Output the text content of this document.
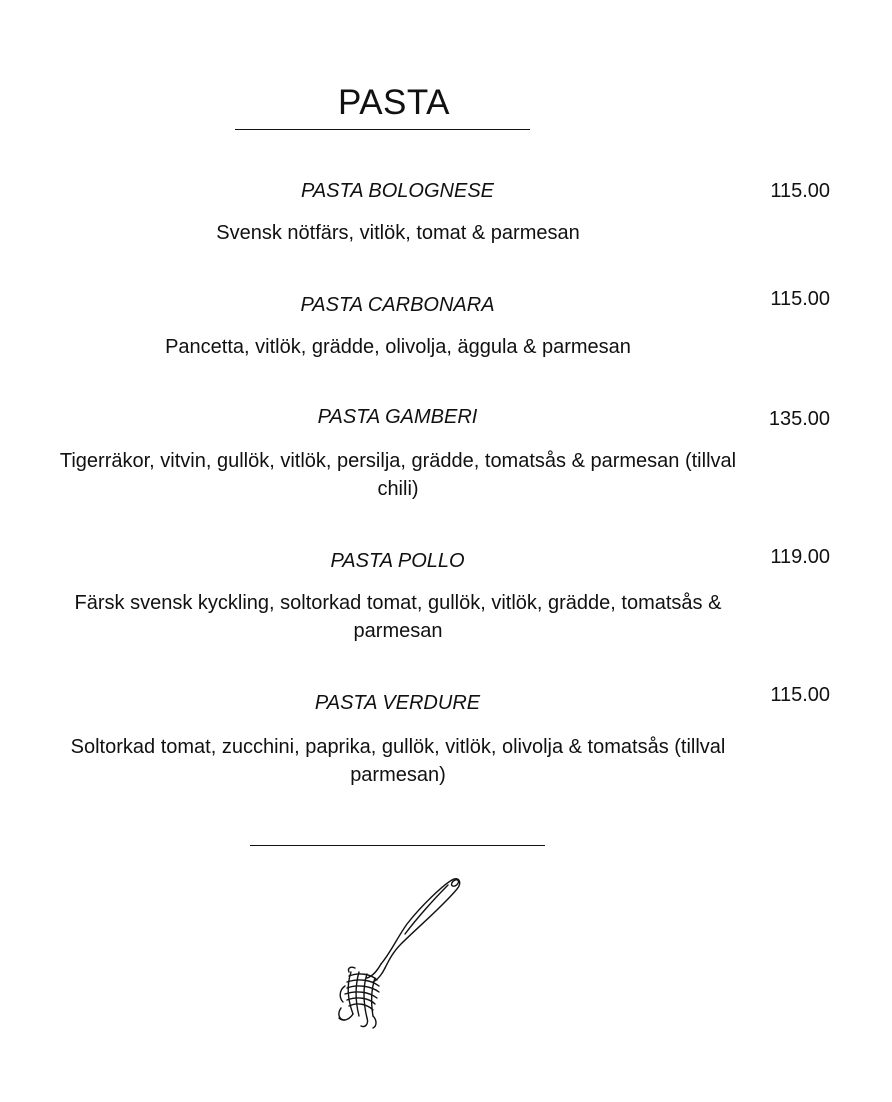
PASTA
PASTA BOLOGNESE	115.00
Svensk nötfärs, vitlök, tomat & parmesan
PASTA CARBONARA	115.00
Pancetta, vitlök, grädde, olivolja, äggula & parmesan
PASTA GAMBERI	135.00
Tigerräkor, vitvin, gullök, vitlök, persilja, grädde, tomatsås & parmesan (tillval chili)
PASTA POLLO	119.00
Färsk svensk kyckling, soltorkad tomat, gullök, vitlök, grädde, tomatsås & parmesan
PASTA VERDURE	115.00
Soltorkad tomat, zucchini, paprika, gullök, vitlök, olivolja & tomatsås (tillval parmesan)
